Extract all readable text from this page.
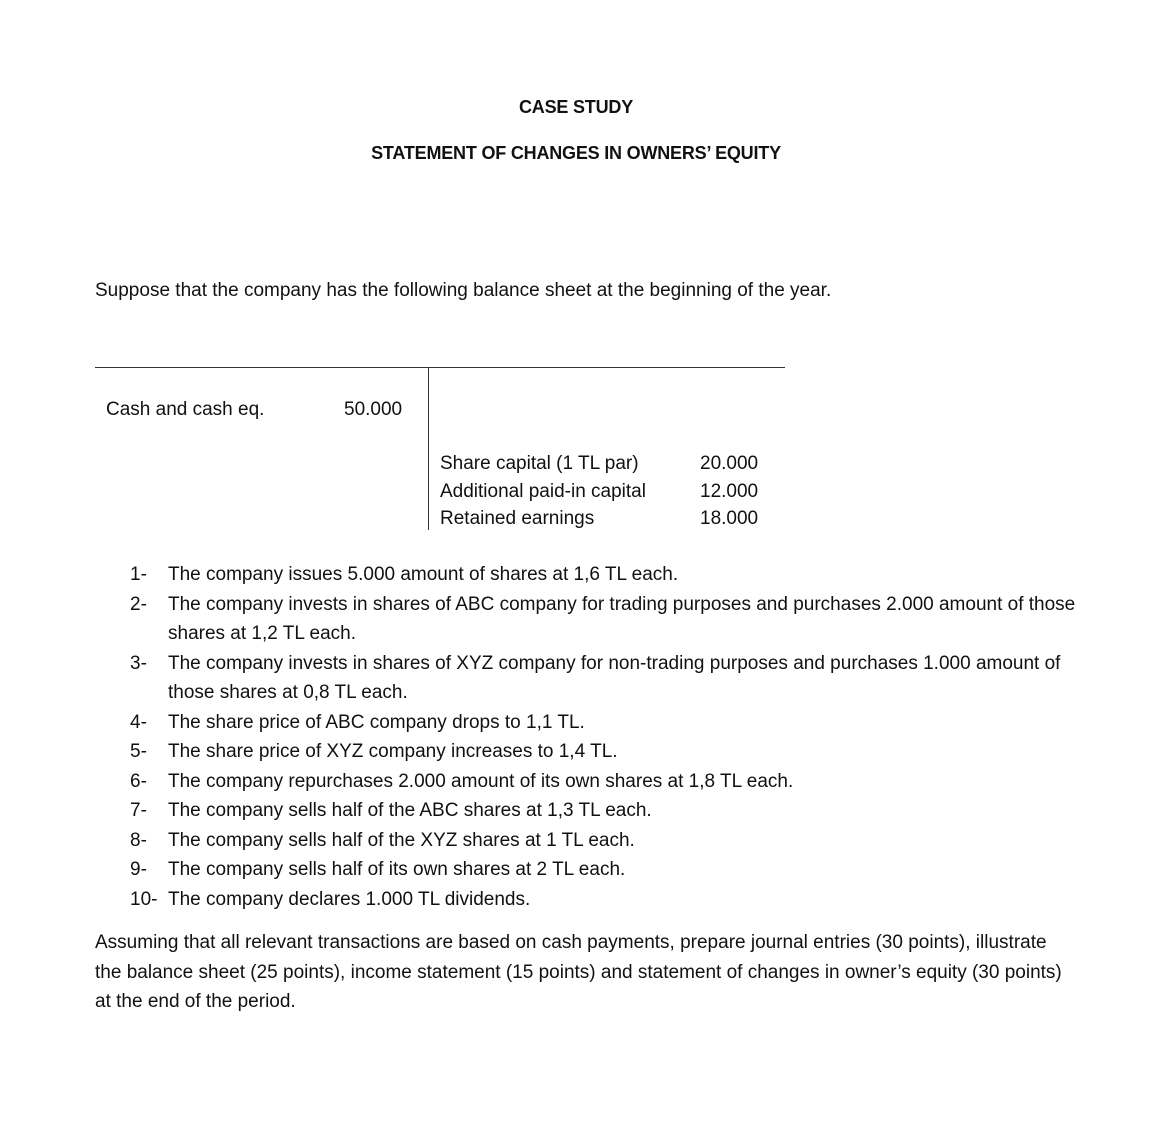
CASE STUDY
STATEMENT OF CHANGES IN OWNERS’ EQUITY
Suppose that the company has the following balance sheet at the beginning of the year.
Cash and cash eq.	50.000
Share capital (1 TL par)	20.000
Additional paid-in capital	12.000
Retained earnings	18.000
1-	The company issues 5.000 amount of shares at 1,6 TL each.
2-	The company invests in shares of ABC company for trading purposes and purchases 2.000 amount of those shares at 1,2 TL each.
3-	The company invests in shares of XYZ company for non-trading purposes and purchases 1.000 amount of those shares at 0,8 TL each.
4-	The share price of ABC company drops to 1,1 TL.
5-	The share price of XYZ company increases to 1,4 TL.
6-	The company repurchases 2.000 amount of its own shares at 1,8 TL each.
7-	The company sells half of the ABC shares at 1,3 TL each.
8-	The company sells half of the XYZ shares at 1 TL each.
9-	The company sells half of its own shares at 2 TL each.
10- The company declares 1.000 TL dividends.
Assuming that all relevant transactions are based on cash payments, prepare journal entries (30 points), illustrate the balance sheet (25 points), income statement (15 points) and statement of changes in owner’s equity (30 points) at the end of the period.
